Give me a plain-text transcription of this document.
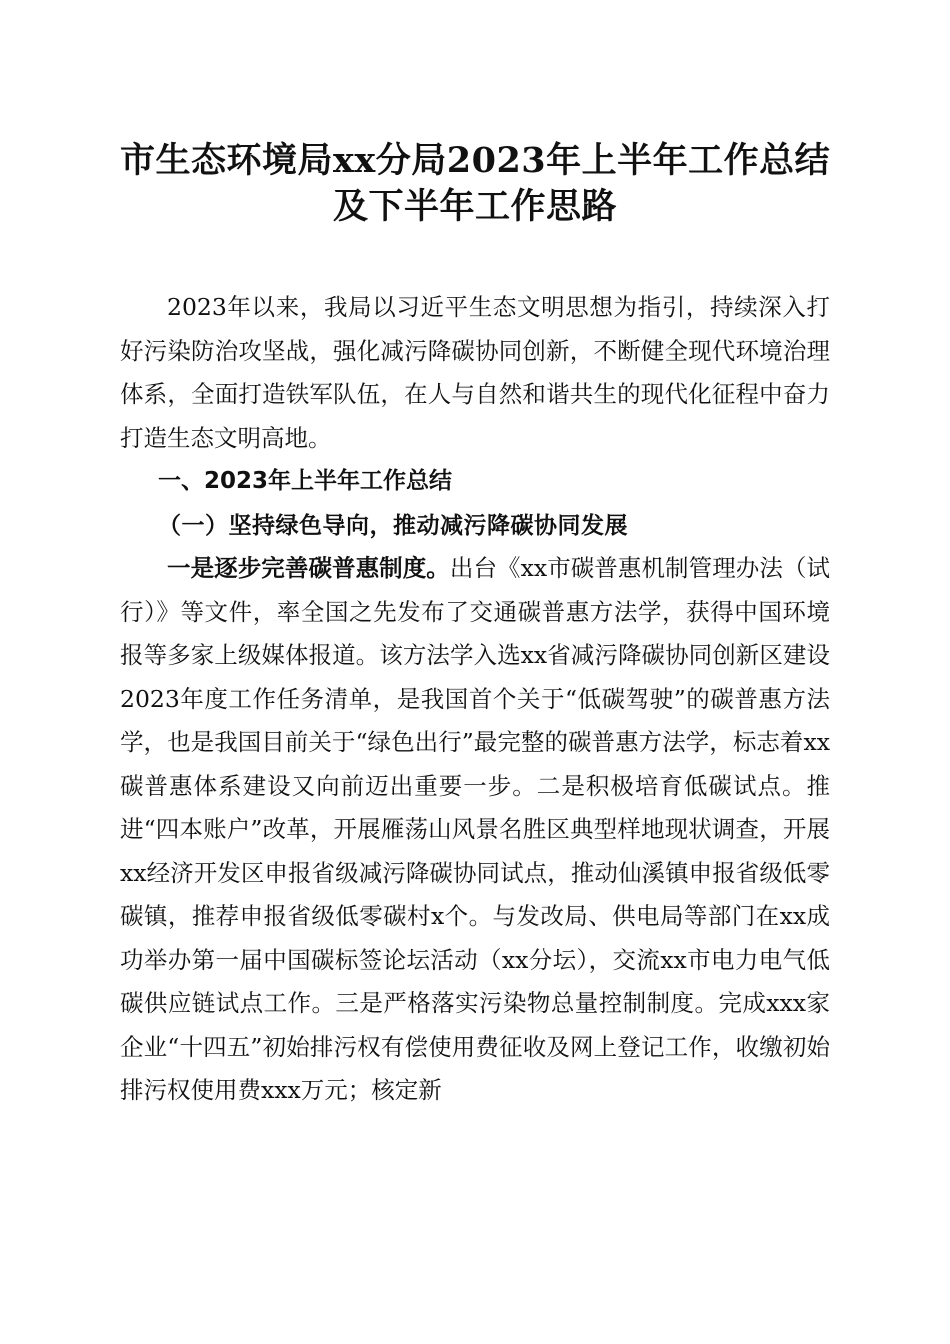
市生态环境局xx分局2023年上半年工作总结
及下半年工作思路

2023年以来，我局以习近平生态文明思想为指引，持续深入打好污染防治攻坚战，强化减污降碳协同创新，不断健全现代环境治理体系，全面打造铁军队伍，在人与自然和谐共生的现代化征程中奋力打造生态文明高地。

一、2023年上半年工作总结

（一）坚持绿色导向，推动减污降碳协同发展

一是逐步完善碳普惠制度。出台《xx市碳普惠机制管理办法（试行）》等文件，率全国之先发布了交通碳普惠方法学，获得中国环境报等多家上级媒体报道。该方法学入选xx省减污降碳协同创新区建设2023年度工作任务清单，是我国首个关于“低碳驾驶”的碳普惠方法学，也是我国目前关于“绿色出行”最完整的碳普惠方法学，标志着xx碳普惠体系建设又向前迈出重要一步。二是积极培育低碳试点。推进“四本账户”改革，开展雁荡山风景名胜区典型样地现状调查，开展xx经济开发区申报省级减污降碳协同试点，推动仙溪镇申报省级低零碳镇，推荐申报省级低零碳村x个。与发改局、供电局等部门在xx成功举办第一届中国碳标签论坛活动（xx分坛），交流xx市电力电气低碳供应链试点工作。三是严格落实污染物总量控制制度。完成xxx家企业“十四五”初始排污权有偿使用费征收及网上登记工作，收缴初始排污权使用费xxx万元；核定新
